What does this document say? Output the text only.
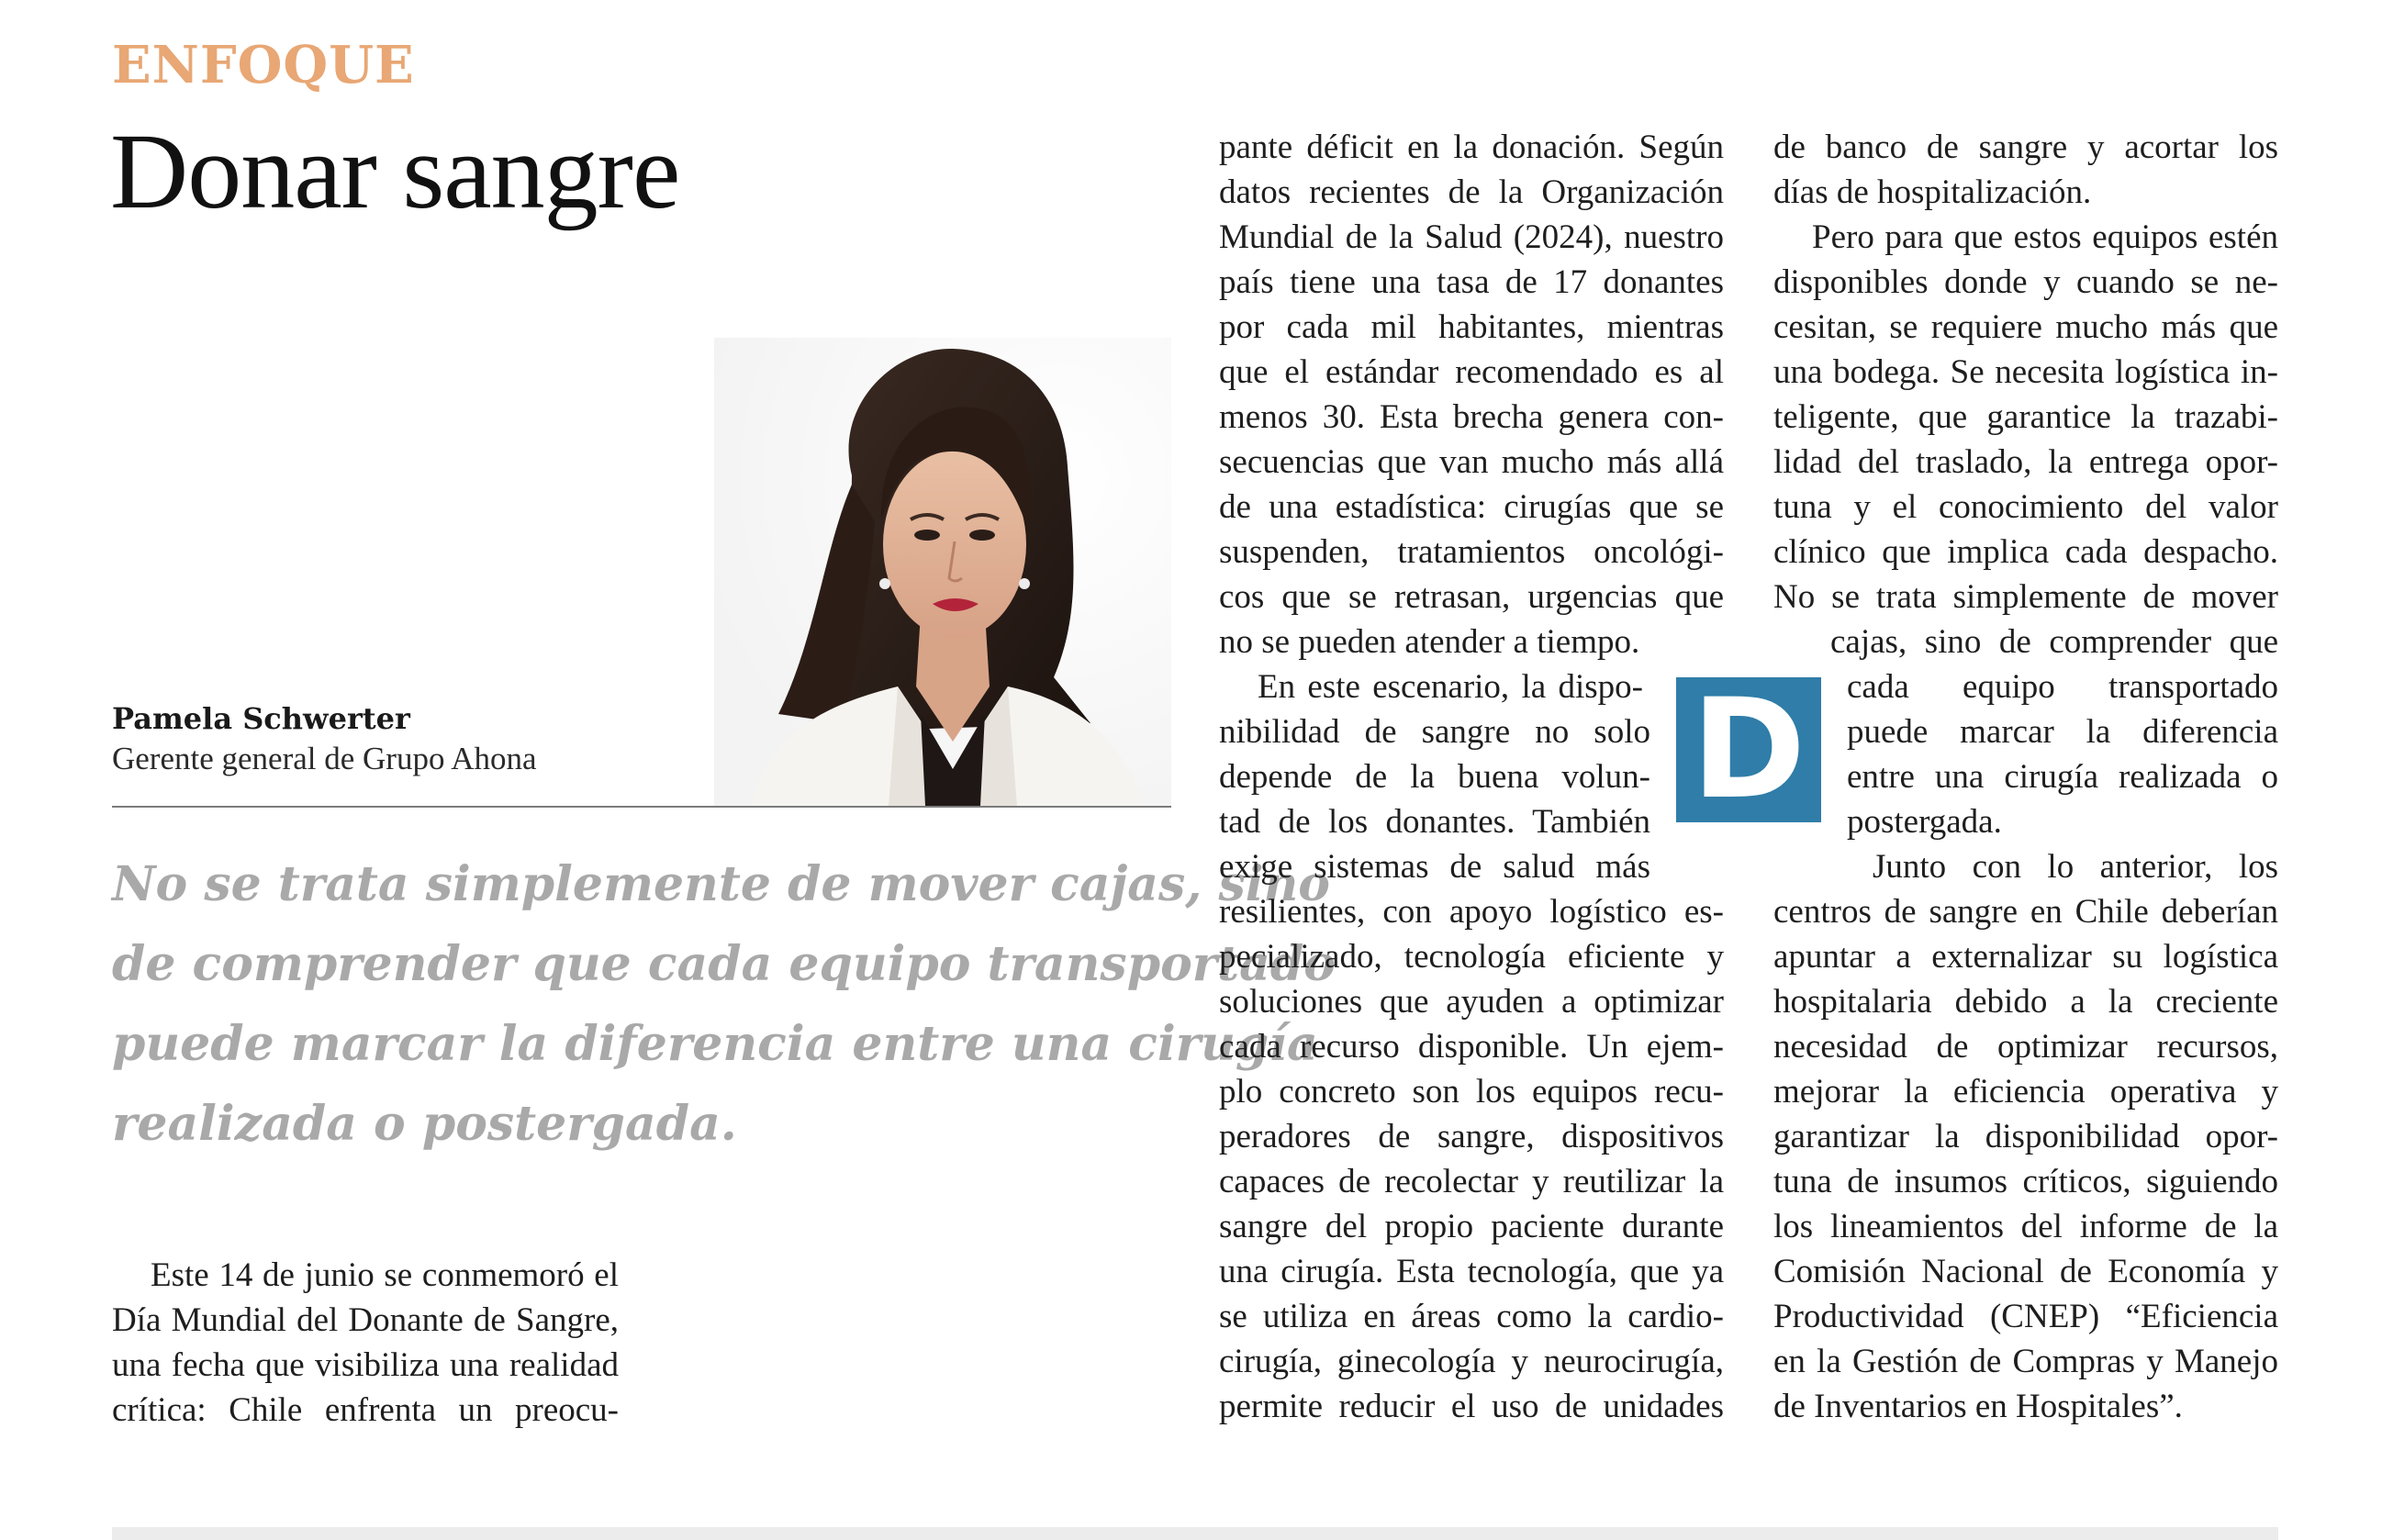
ENFOQUE
Donar sangre
Pamela Schwerter
Gerente general de Grupo Ahona
No se trata simplemente de mover cajas, sino
de comprender que cada equipo transportado
puede marcar la diferencia entre una cirugía
realizada o postergada.
Este 14 de junio se conmemoró el
Día Mundial del Donante de Sangre,
una fecha que visibiliza una realidad
crítica: Chile enfrenta un preocu-
pante déficit en la donación. Según
datos recientes de la Organización
Mundial de la Salud (2024), nuestro
país tiene una tasa de 17 donantes
por cada mil habitantes, mientras
que el estándar recomendado es al
menos 30. Esta brecha genera con-
secuencias que van mucho más allá
de una estadística: cirugías que se
suspenden, tratamientos oncológi-
cos que se retrasan, urgencias que
no se pueden atender a tiempo.
En este escenario, la dispo-
nibilidad de sangre no solo
depende de la buena volun-
tad de los donantes. También
exige sistemas de salud más
resilientes, con apoyo logístico es-
pecializado, tecnología eficiente y
soluciones que ayuden a optimizar
cada recurso disponible. Un ejem-
plo concreto son los equipos recu-
peradores de sangre, dispositivos
capaces de recolectar y reutilizar la
sangre del propio paciente durante
una cirugía. Esta tecnología, que ya
se utiliza en áreas como la cardio-
cirugía, ginecología y neurocirugía,
permite reducir el uso de unidades
D
de banco de sangre y acortar los
días de hospitalización.
Pero para que estos equipos estén
disponibles donde y cuando se ne-
cesitan, se requiere mucho más que
una bodega. Se necesita logística in-
teligente, que garantice la trazabi-
lidad del traslado, la entrega opor-
tuna y el conocimiento del valor
clínico que implica cada despacho.
No se trata simplemente de mover
cajas, sino de comprender que
cada equipo transportado
puede marcar la diferencia
entre una cirugía realizada o
postergada.
Junto con lo anterior, los
centros de sangre en Chile deberían
apuntar a externalizar su logística
hospitalaria debido a la creciente
necesidad de optimizar recursos,
mejorar la eficiencia operativa y
garantizar la disponibilidad opor-
tuna de insumos críticos, siguiendo
los lineamientos del informe de la
Comisión Nacional de Economía y
Productividad (CNEP) “Eficiencia
en la Gestión de Compras y Manejo
de Inventarios en Hospitales”.
